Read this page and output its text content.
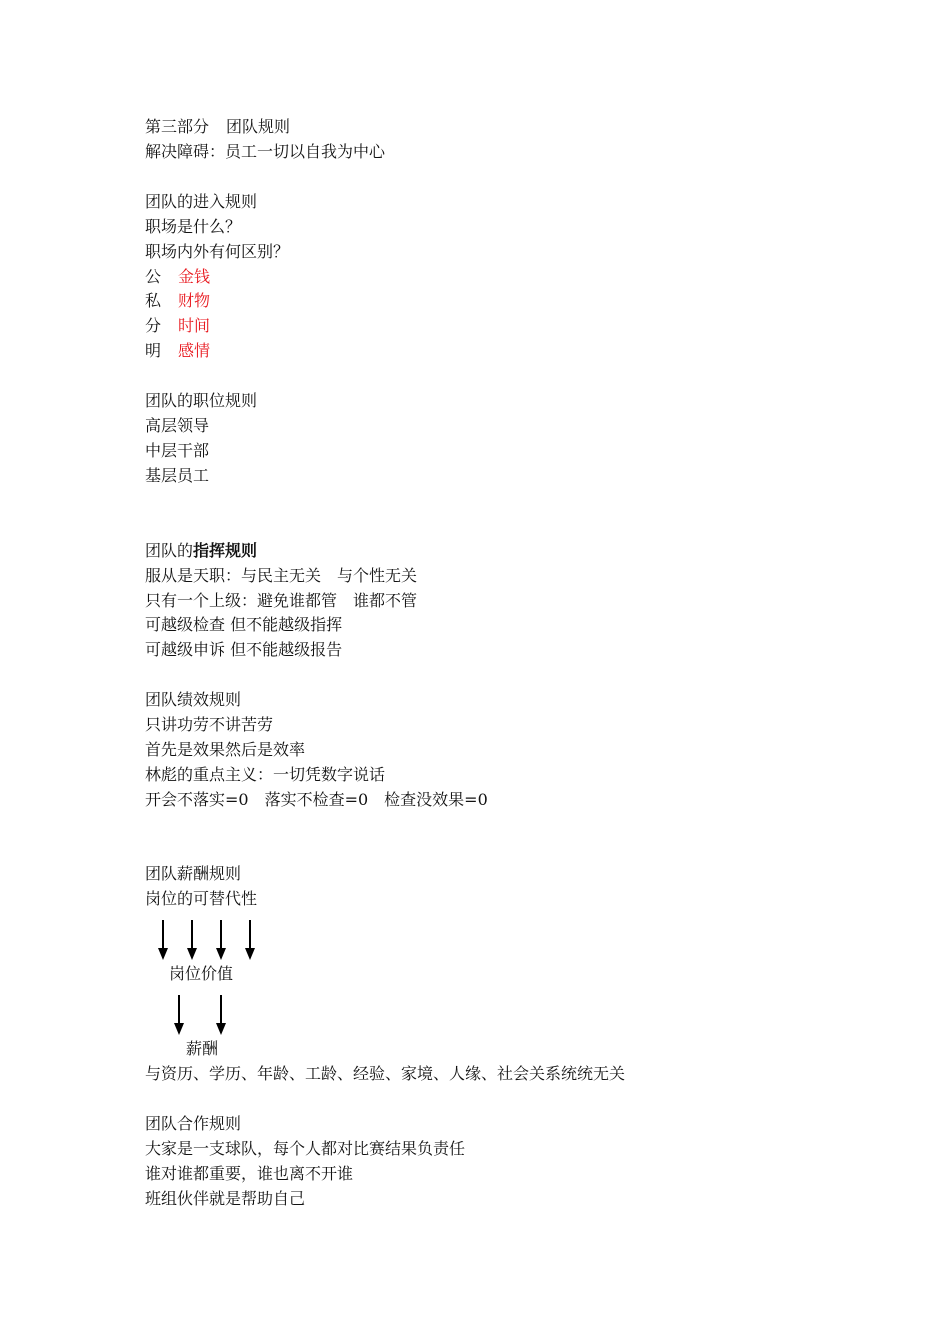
第三部分 团队规则
解决障碍：员工一切以自我为中心
团队的进入规则
职场是什么？
职场内外有何区别？
公 金钱
私 财物
分 时间
明 感情
团队的职位规则
高层领导
中层干部
基层员工
团队的指挥规则
服从是天职：与民主无关　与个性无关
只有一个上级：避免谁都管　谁都不管
可越级检查 但不能越级指挥
可越级申诉 但不能越级报告
团队绩效规则
只讲功劳不讲苦劳
首先是效果然后是效率
林彪的重点主义：一切凭数字说话
开会不落实=0　落实不检查=0　检查没效果=0
团队薪酬规则
岗位的可替代性
岗位价值
薪酬
与资历、学历、年龄、工龄、经验、家境、人缘、社会关系统统无关
团队合作规则
大家是一支球队，每个人都对比赛结果负责任
谁对谁都重要，谁也离不开谁
班组伙伴就是帮助自己
